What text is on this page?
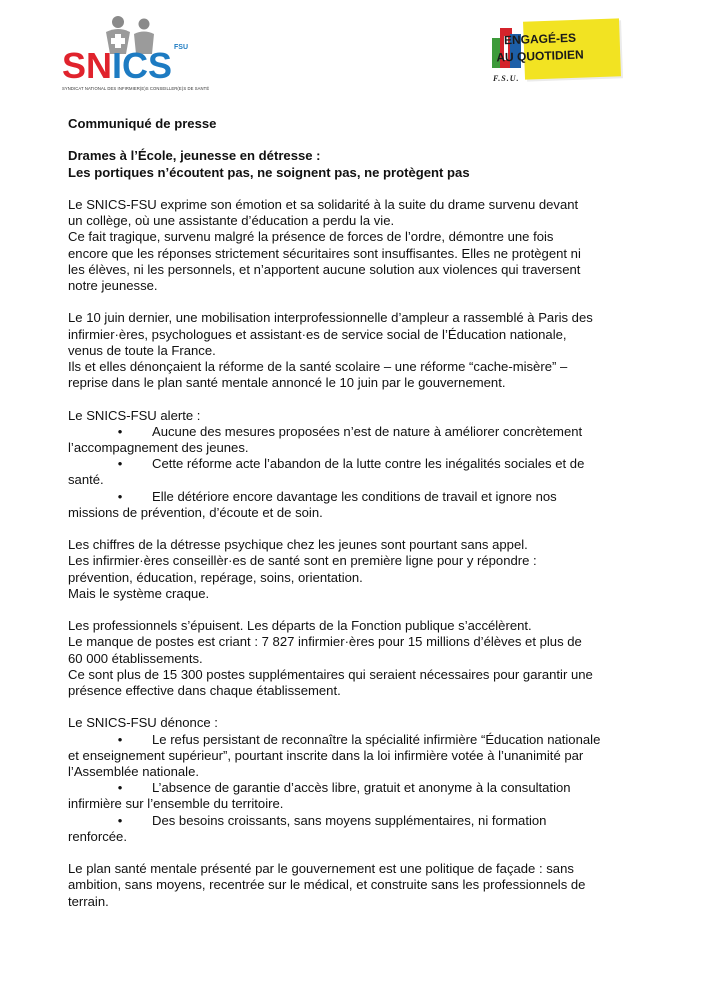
SNICS FSU
SYNDICAT NATIONAL DES INFIRMIER(E)S CONSEILLER(E)S DE SANTÉ
F.S.U.
ENGAGÉ-ES
AU QUOTIDIEN

Communiqué de presse

Drames à l’École, jeunesse en détresse :

Les portiques n’écoutent pas, ne soignent pas, ne protègent pas

Le SNICS-FSU exprime son émotion et sa solidarité à la suite du drame survenu devant

un collège, où une assistante d’éducation a perdu la vie.

Ce fait tragique, survenu malgré la présence de forces de l’ordre, démontre une fois

encore que les réponses strictement sécuritaires sont insuffisantes. Elles ne protègent ni

les élèves, ni les personnels, et n’apportent aucune solution aux violences qui traversent

notre jeunesse.

Le 10 juin dernier, une mobilisation interprofessionnelle d’ampleur a rassemblé à Paris des

infirmier·ères, psychologues et assistant·es de service social de l’Éducation nationale,

venus de toute la France.

Ils et elles dénonçaient la réforme de la santé scolaire – une réforme “cache-misère” –

reprise dans le plan santé mentale annoncé le 10 juin par le gouvernement.

Le SNICS-FSU alerte :

•Aucune des mesures proposées n’est de nature à améliorer concrètement

l’accompagnement des jeunes.

•Cette réforme acte l’abandon de la lutte contre les inégalités sociales et de

santé.

•Elle détériore encore davantage les conditions de travail et ignore nos

missions de prévention, d’écoute et de soin.

Les chiffres de la détresse psychique chez les jeunes sont pourtant sans appel.

Les infirmier·ères conseillèr·es de santé sont en première ligne pour y répondre :

prévention, éducation, repérage, soins, orientation.

Mais le système craque.

Les professionnels s’épuisent. Les départs de la Fonction publique s’accélèrent.

Le manque de postes est criant : 7 827 infirmier·ères pour 15 millions d’élèves et plus de

60 000 établissements.

Ce sont plus de 15 300 postes supplémentaires qui seraient nécessaires pour garantir une

présence effective dans chaque établissement.

Le SNICS-FSU dénonce :

•Le refus persistant de reconnaître la spécialité infirmière “Éducation nationale

et enseignement supérieur”, pourtant inscrite dans la loi infirmière votée à l’unanimité par

l’Assemblée nationale.

•L’absence de garantie d’accès libre, gratuit et anonyme à la consultation

infirmière sur l’ensemble du territoire.

•Des besoins croissants, sans moyens supplémentaires, ni formation

renforcée.

Le plan santé mentale présenté par le gouvernement est une politique de façade : sans

ambition, sans moyens, recentrée sur le médical, et construite sans les professionnels de

terrain.
